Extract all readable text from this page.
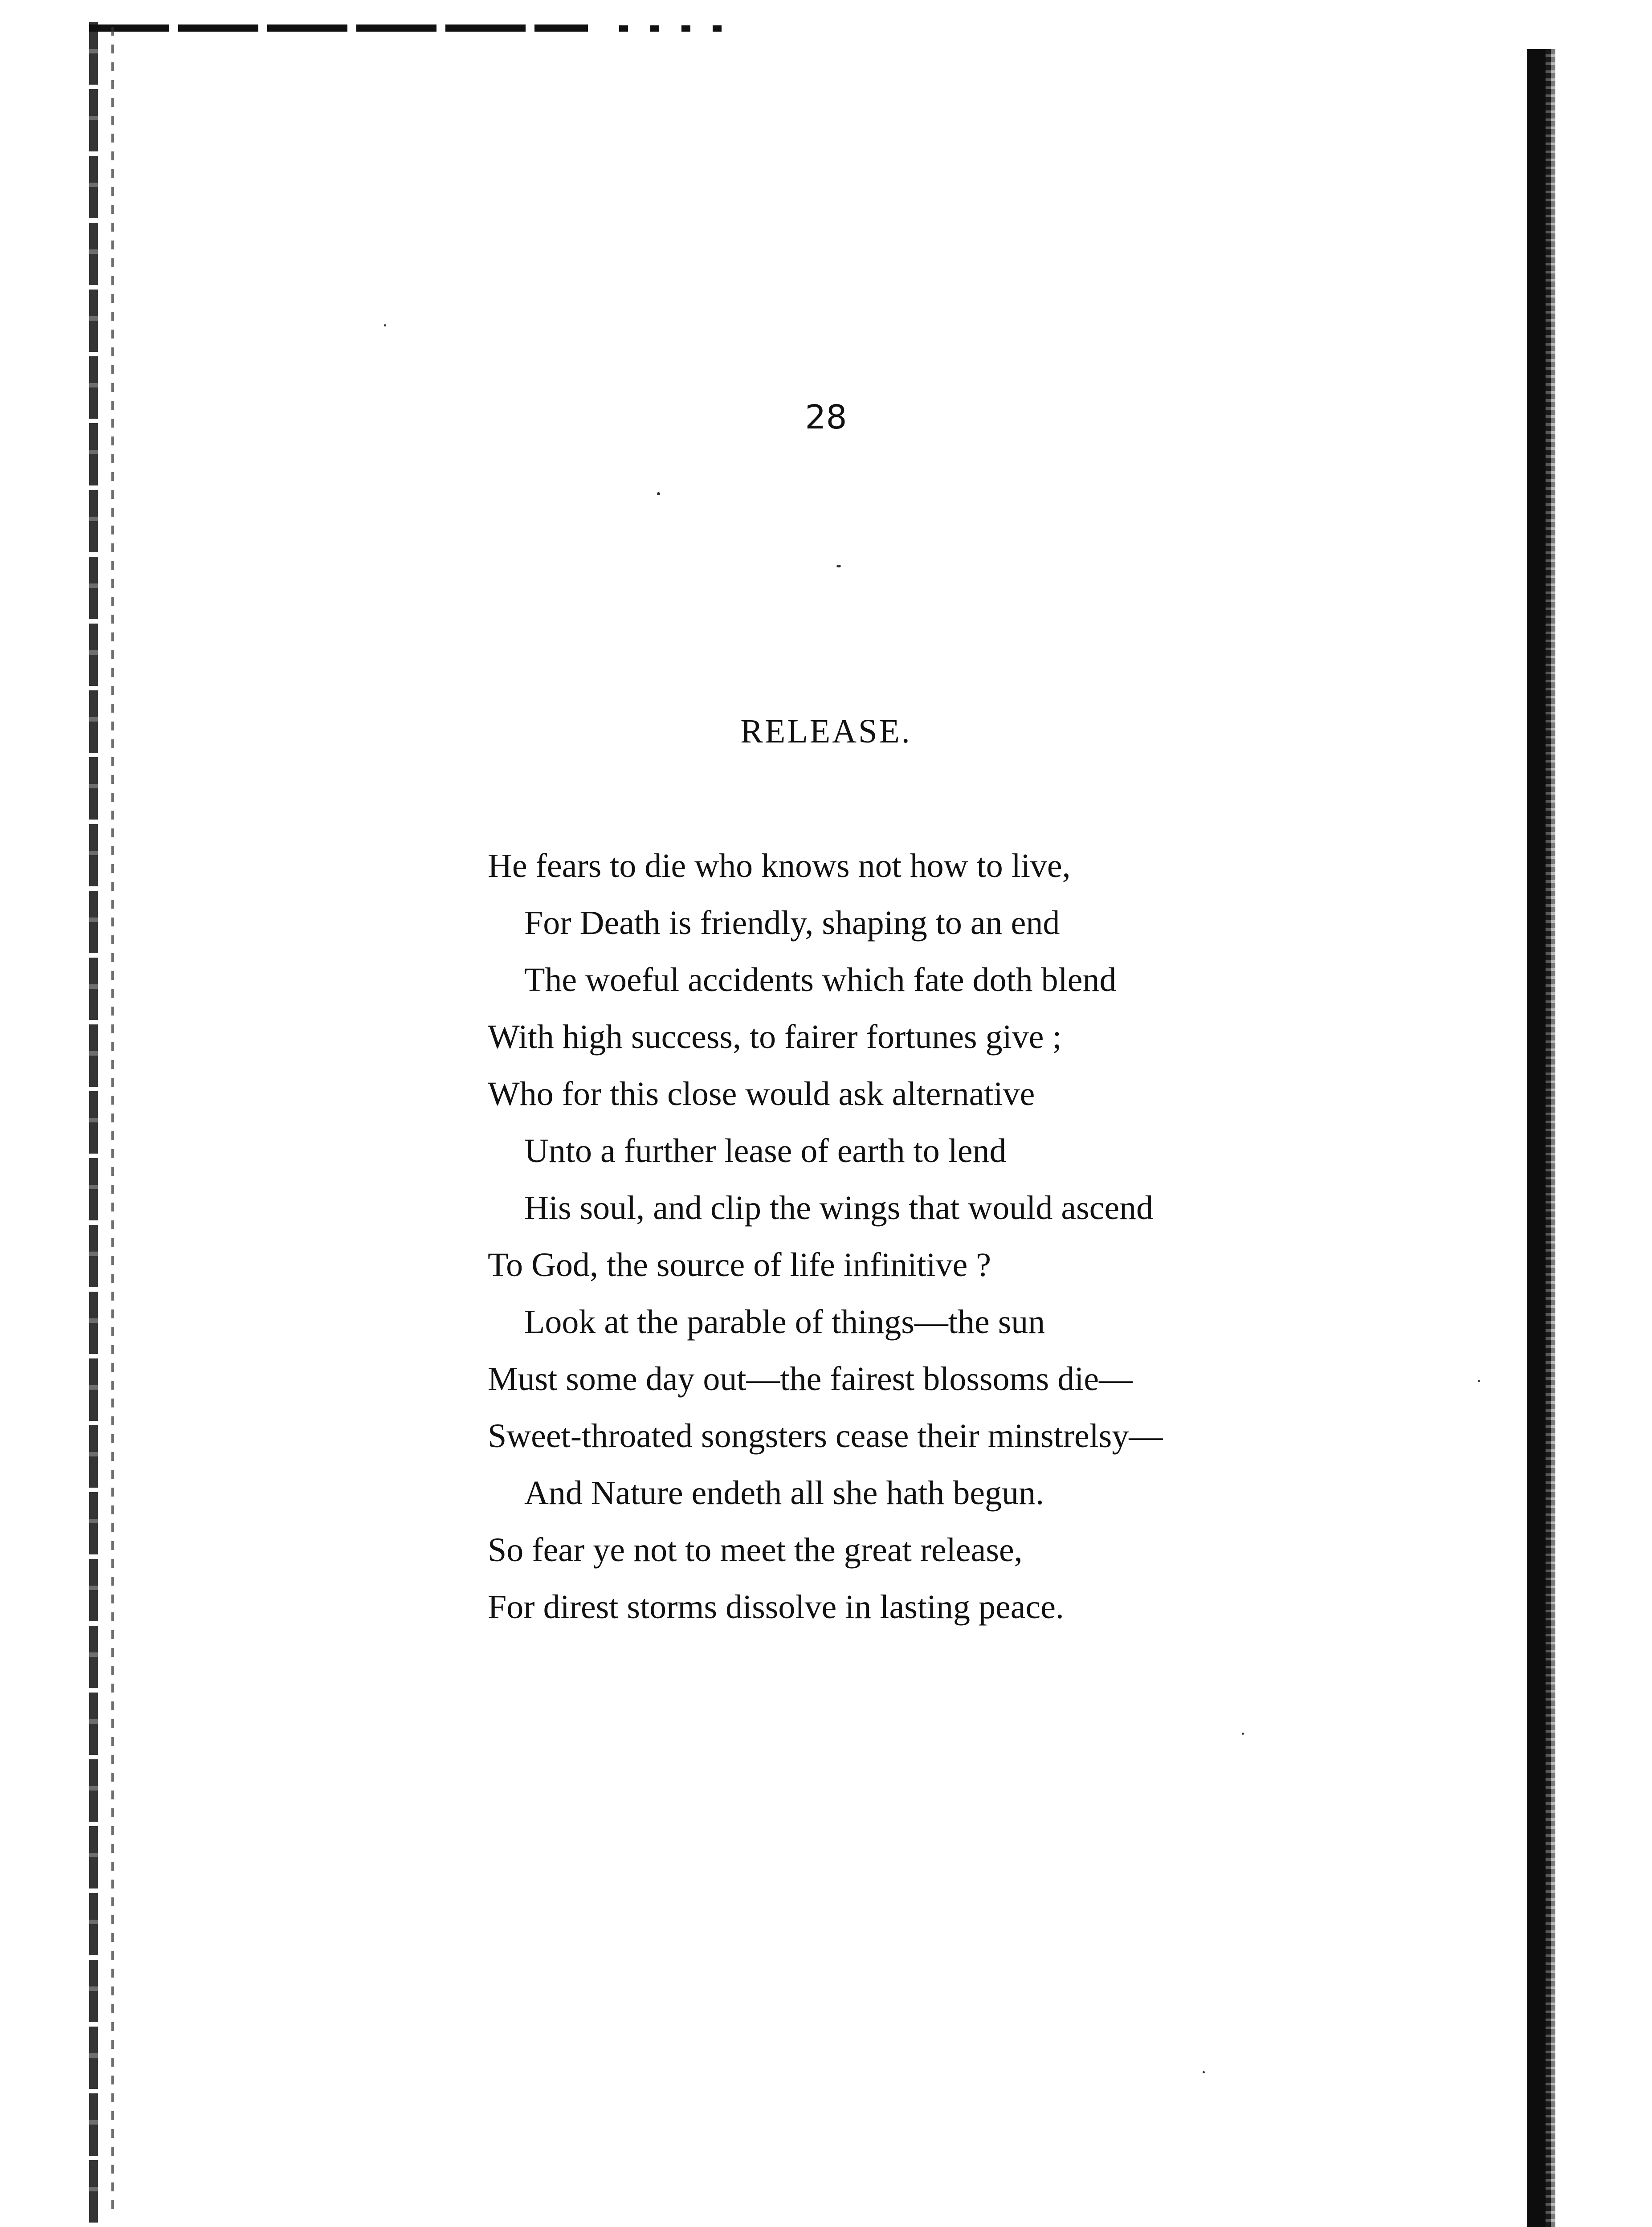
28
RELEASE.
He fears to die who knows not how to live,
For Death is friendly, shaping to an end
The woeful accidents which fate doth blend
With high success, to fairer fortunes give ;
Who for this close would ask alternative
Unto a further lease of earth to lend
His soul, and clip the wings that would ascend
To God, the source of life infinitive ?
Look at the parable of things—the sun
Must some day out—the fairest blossoms die—
Sweet-throated songsters cease their minstrelsy—
And Nature endeth all she hath begun.
So fear ye not to meet the great release,
For direst storms dissolve in lasting peace.
